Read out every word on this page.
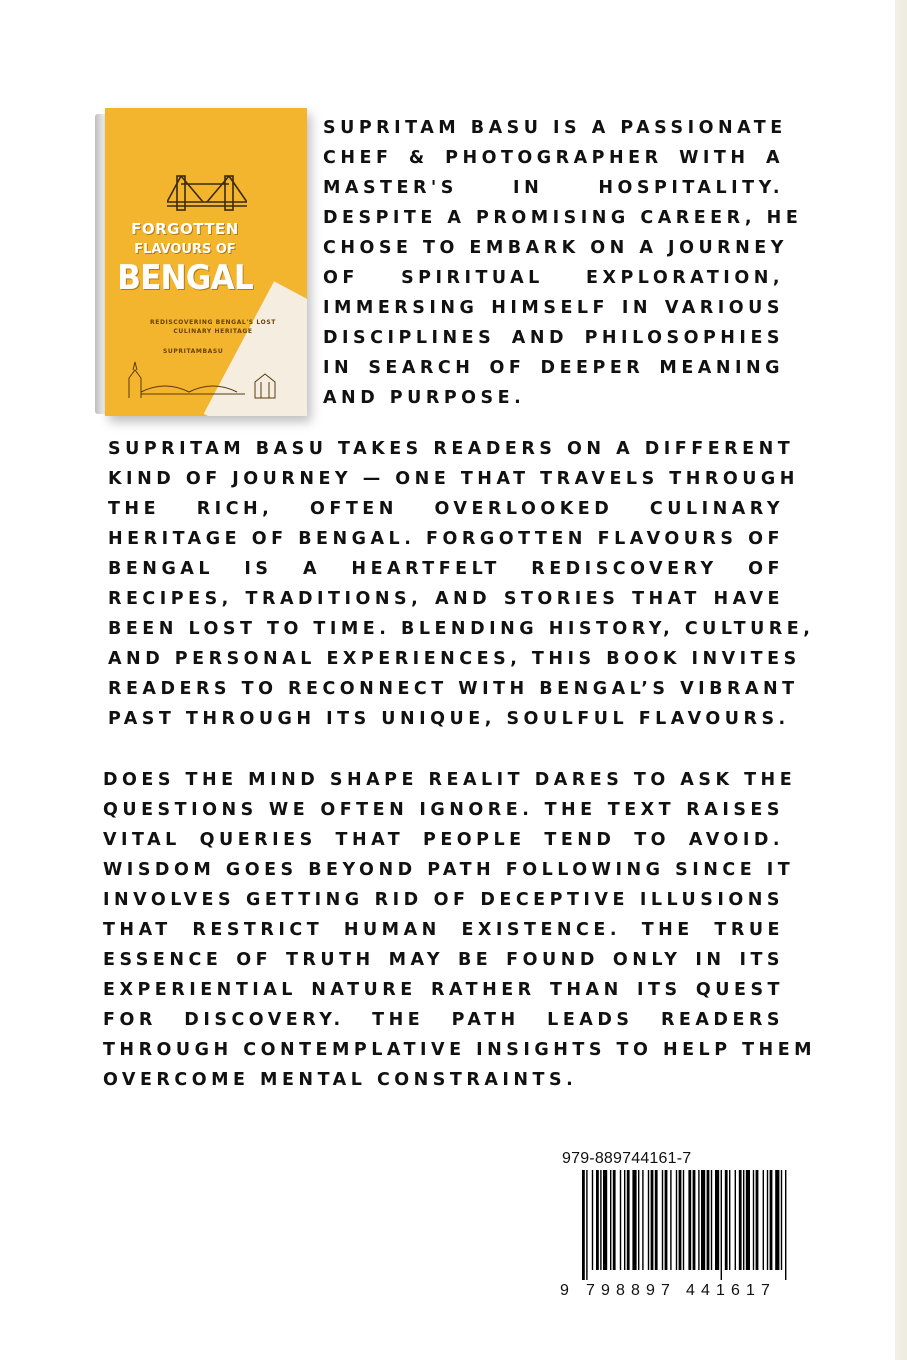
FORGOTTEN
FLAVOURS OF
BENGAL
REDISCOVERING BENGAL'S LOST
CULINARY HERITAGE
SUPRITAMBASU

SUPRITAM BASU IS A PASSIONATE
CHEF & PHOTOGRAPHER WITH A
MASTER'S IN HOSPITALITY.
DESPITE A PROMISING CAREER, HE
CHOSE TO EMBARK ON A JOURNEY
OF SPIRITUAL EXPLORATION,
IMMERSING HIMSELF IN VARIOUS
DISCIPLINES AND PHILOSOPHIES
IN SEARCH OF DEEPER MEANING
AND PURPOSE.

SUPRITAM BASU TAKES READERS ON A DIFFERENT
KIND OF JOURNEY — ONE THAT TRAVELS THROUGH
THE RICH, OFTEN OVERLOOKED CULINARY
HERITAGE OF BENGAL. FORGOTTEN FLAVOURS OF
BENGAL IS A HEARTFELT REDISCOVERY OF
RECIPES, TRADITIONS, AND STORIES THAT HAVE
BEEN LOST TO TIME. BLENDING HISTORY, CULTURE,
AND PERSONAL EXPERIENCES, THIS BOOK INVITES
READERS TO RECONNECT WITH BENGAL’S VIBRANT
PAST THROUGH ITS UNIQUE, SOULFUL FLAVOURS.

DOES THE MIND SHAPE REALIT DARES TO ASK THE
QUESTIONS WE OFTEN IGNORE. THE TEXT RAISES
VITAL QUERIES THAT PEOPLE TEND TO AVOID.
WISDOM GOES BEYOND PATH FOLLOWING SINCE IT
INVOLVES GETTING RID OF DECEPTIVE ILLUSIONS
THAT RESTRICT HUMAN EXISTENCE. THE TRUE
ESSENCE OF TRUTH MAY BE FOUND ONLY IN ITS
EXPERIENTIAL NATURE RATHER THAN ITS QUEST
FOR DISCOVERY. THE PATH LEADS READERS
THROUGH CONTEMPLATIVE INSIGHTS TO HELP THEM
OVERCOME MENTAL CONSTRAINTS.

979-889744161-7
9 798897 441617
